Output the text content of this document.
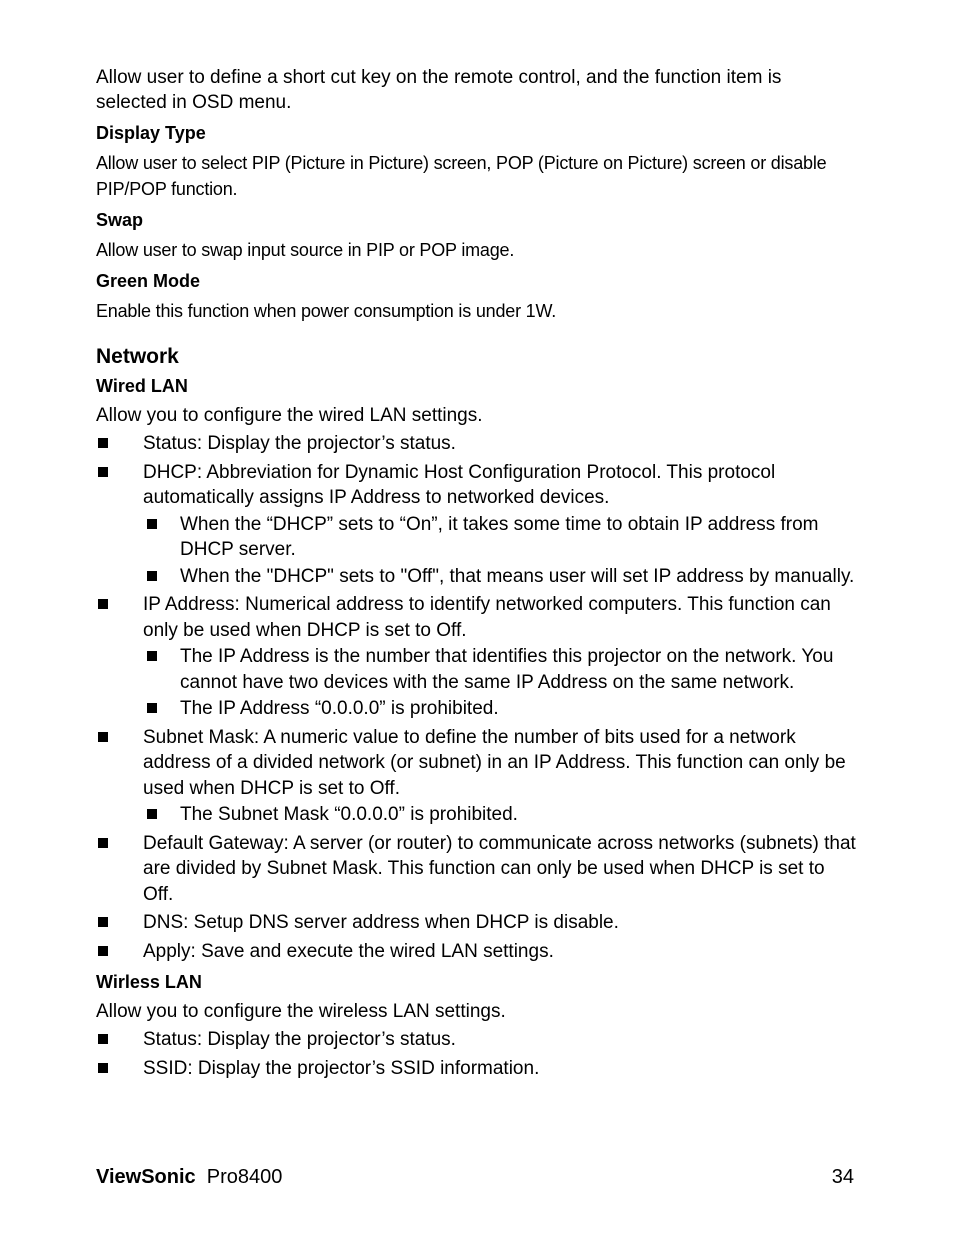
Allow user to define a short cut key on the remote control, and the function item is selected in OSD menu.

Display Type

Allow user to select PIP (Picture in Picture) screen, POP (Picture on Picture) screen or disable PIP/POP function.

Swap

Allow user to swap input source in PIP or POP image.

Green Mode

Enable this function when power consumption is under 1W.

Network
Wired LAN

Allow you to configure the wired LAN settings.

Status: Display the projector’s status.
DHCP: Abbreviation for Dynamic Host Configuration Protocol. This protocol automatically assigns IP Address to networked devices.
When the “DHCP” sets to “On”, it takes some time to obtain IP address from DHCP server.
When the "DHCP" sets to "Off", that means user will set IP address by manually.
IP Address: Numerical address to identify networked computers. This function can only be used when DHCP is set to Off.
The IP Address is the number that identifies this projector on the network. You cannot have two devices with the same IP Address on the same network.
The IP Address “0.0.0.0” is prohibited.
Subnet Mask: A numeric value to define the number of bits used for a network address of a divided network (or subnet) in an IP Address. This function can only be used when DHCP is set to Off.
The Subnet Mask “0.0.0.0” is prohibited.
Default Gateway: A server (or router) to communicate across networks (subnets) that are divided by Subnet Mask. This function can only be used when DHCP is set to Off.
DNS: Setup DNS server address when DHCP is disable.
Apply: Save and execute the wired LAN settings.
Wirless LAN

Allow you to configure the wireless LAN settings.

Status: Display the projector’s status.
SSID: Display the projector’s SSID information.
ViewSonic Pro8400	34
